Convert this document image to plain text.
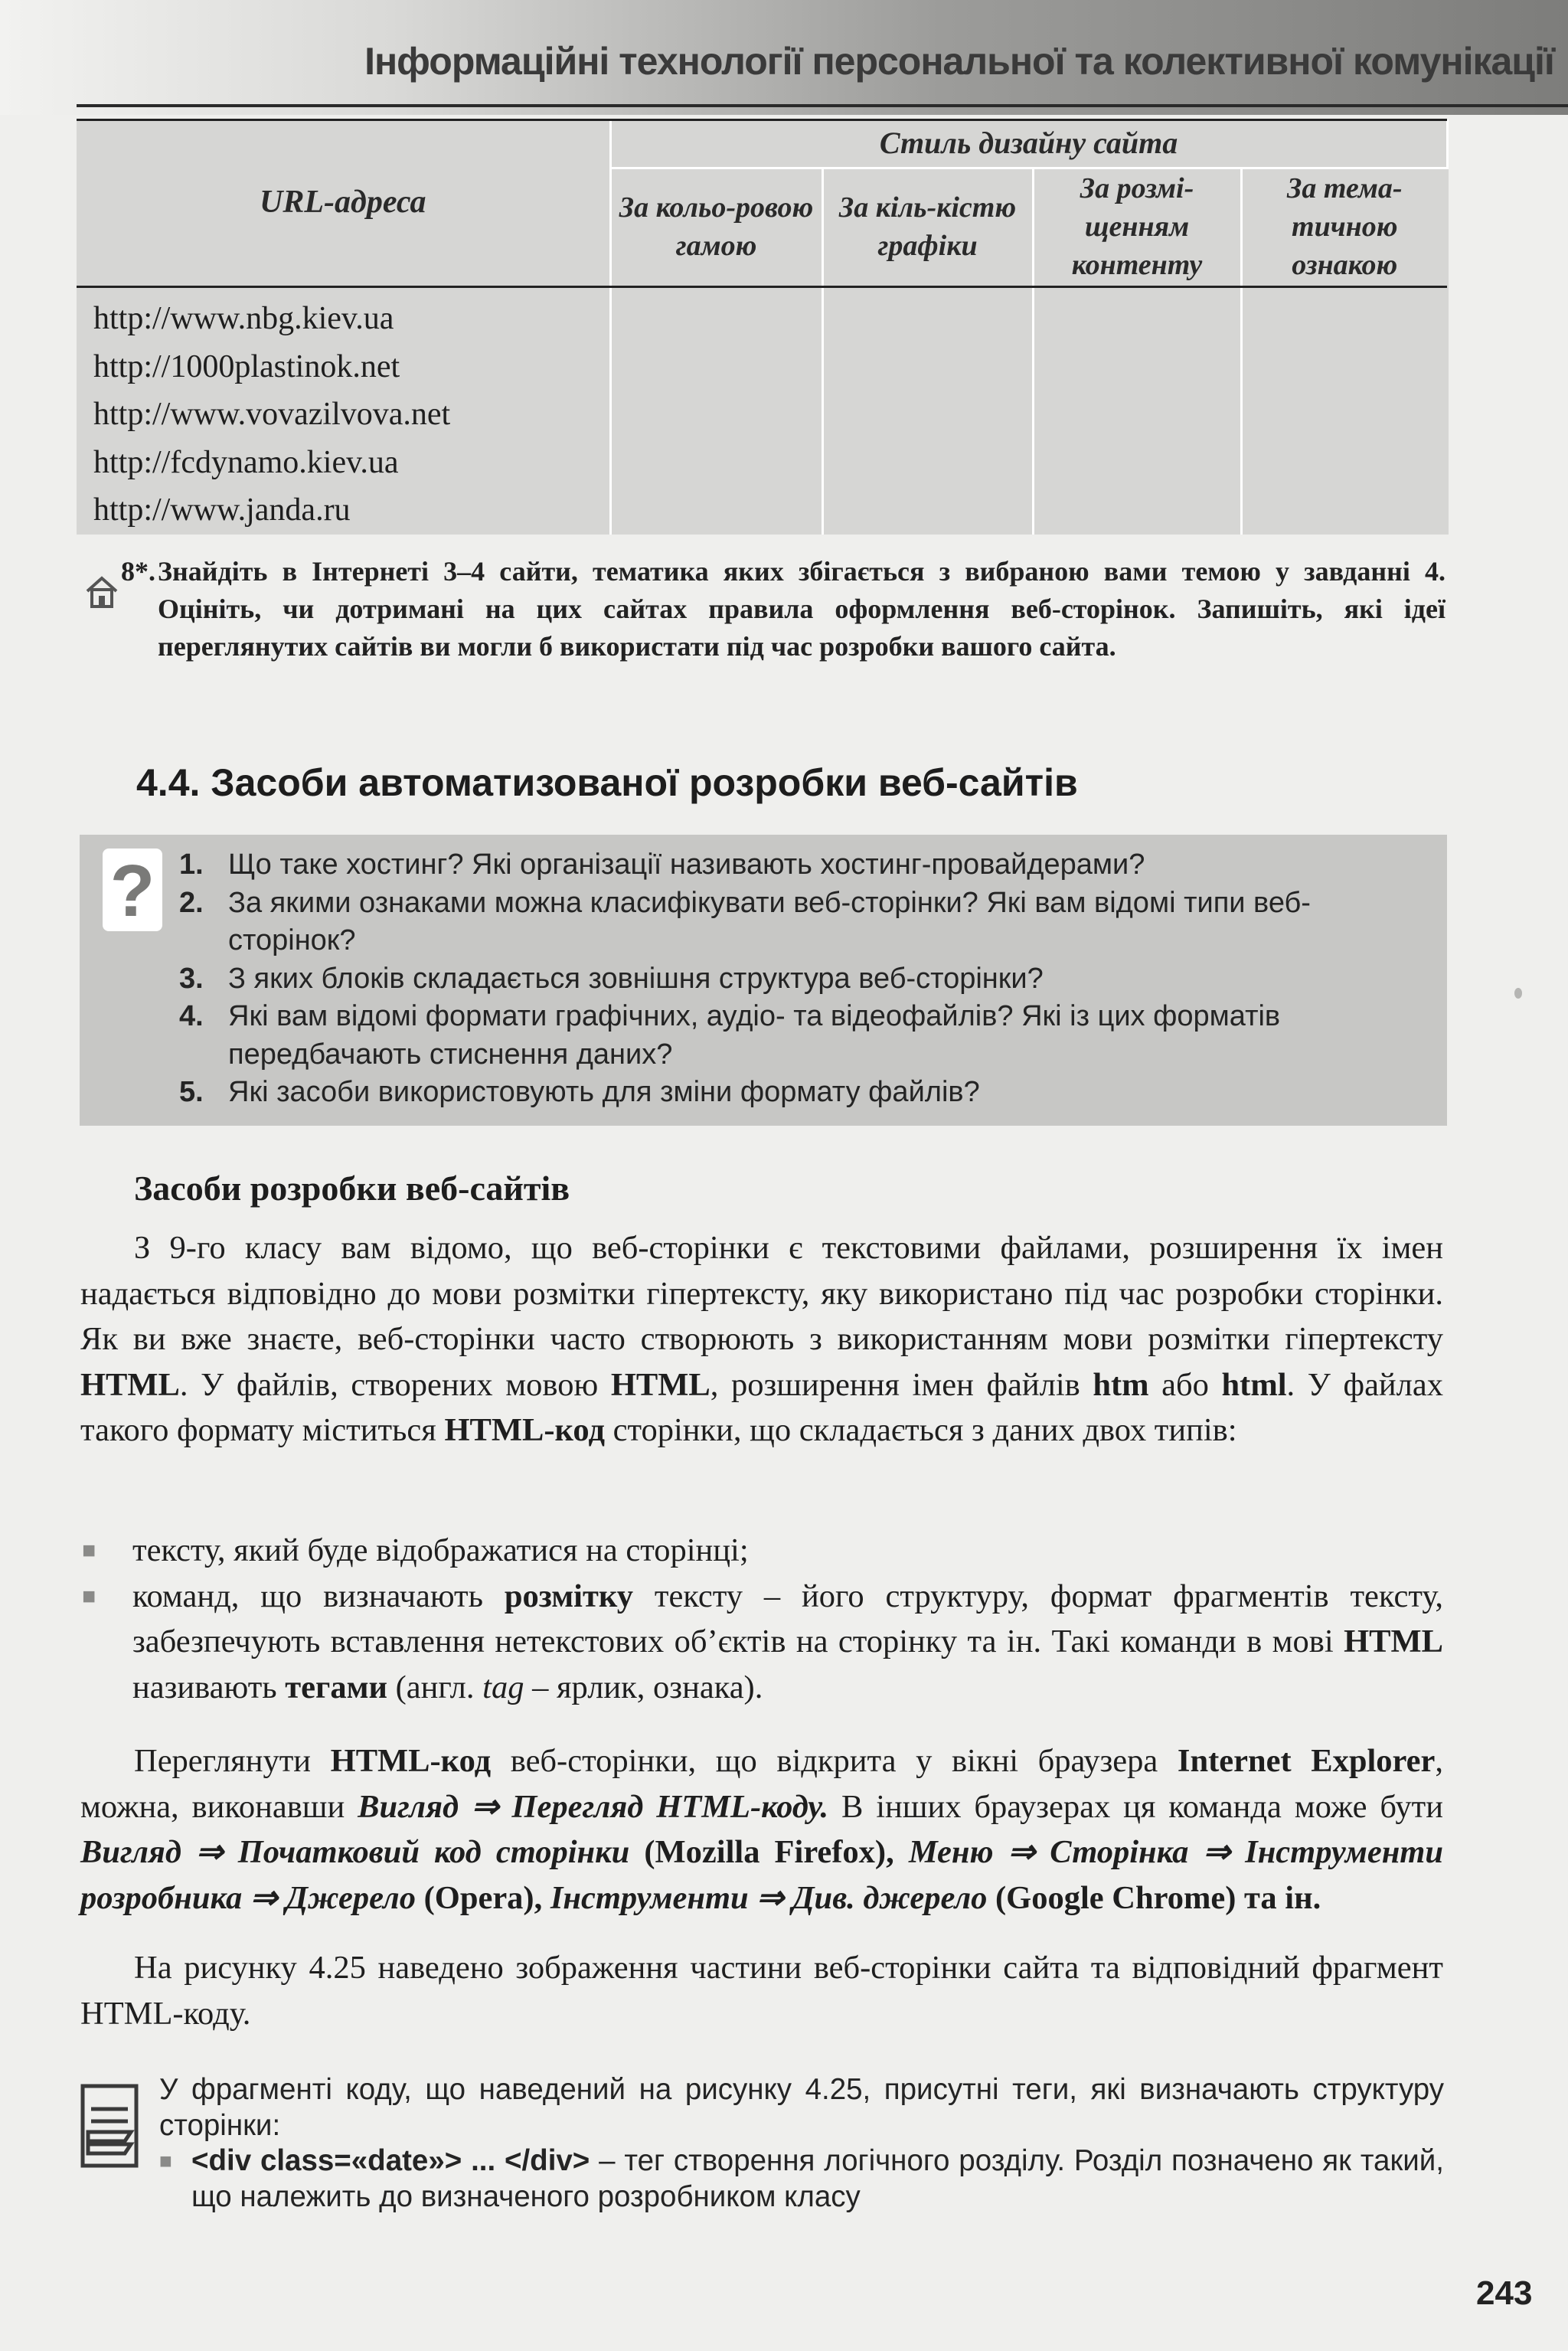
Інформаційні технології персональної та колективної комунікації
URL-адреса	Стиль дизайну сайта			
	За кольо-ровою гамою	За кіль-кістю графіки	За розмі-щенням контенту	За тема-тичною ознакою

http://www.nbg.kiev.ua
http://1000plastinok.net
http://www.vovazilvova.net
http://fcdynamo.kiev.ua
http://www.janda.ru				

8*. Знайдіть в Інтернеті 3–4 сайти, тематика яких збігається з вибраною вами темою у завданні 4. Оцініть, чи дотримані на цих сайтах правила оформлення веб-сторінок. Запишіть, які ідеї переглянутих сайтів ви могли б використати під час розробки вашого сайта.
4.4. Засоби автоматизованої розробки веб-сайтів
? 1. Що таке хостинг? Які організації називають хостинг-провайдерами?
2. За якими ознаками можна класифікувати веб-сторінки? Які вам відомі типи веб-сторінок?
3. З яких блоків складається зовнішня структура веб-сторінки?
4. Які вам відомі формати графічних, аудіо- та відеофайлів? Які із цих форматів передбачають стиснення даних?
5. Які засоби використовують для зміни формату файлів?
Засоби розробки веб-сайтів
З 9-го класу вам відомо, що веб-сторінки є текстовими файлами, розширення їх імен надається відповідно до мови розмітки гіпертексту, яку використано під час розробки сторінки. Як ви вже знаєте, веб-сторінки часто створюють з використанням мови розмітки гіпертексту HTML. У файлів, створених мовою HTML, розширення імен файлів htm або html. У файлах такого формату міститься HTML-код сторінки, що складається з даних двох типів:
■ тексту, який буде відображатися на сторінці;
■ команд, що визначають розмітку тексту – його структуру, формат фрагментів тексту, забезпечують вставлення нетекстових об’єктів на сторінку та ін. Такі команди в мові HTML називають тегами (англ. tag – ярлик, ознака).
Переглянути HTML-код веб-сторінки, що відкрита у вікні браузера Internet Explorer, можна, виконавши Вигляд ⇒ Перегляд HTML-коду. В інших браузерах ця команда може бути Вигляд ⇒ Початковий код сторінки (Mozilla Firefox), Меню ⇒ Сторінка ⇒ Інструменти розробника ⇒ Джерело (Opera), Інструменти ⇒ Див. джерело (Google Chrome) та ін.
На рисунку 4.25 наведено зображення частини веб-сторінки сайта та відповідний фрагмент HTML-коду.
У фрагменті коду, що наведений на рисунку 4.25, присутні теги, які визначають структуру сторінки:
■ <div class=«date»> ... </div> – тег створення логічного розділу. Розділ позначено як такий, що належить до визначеного розробником класу
243
